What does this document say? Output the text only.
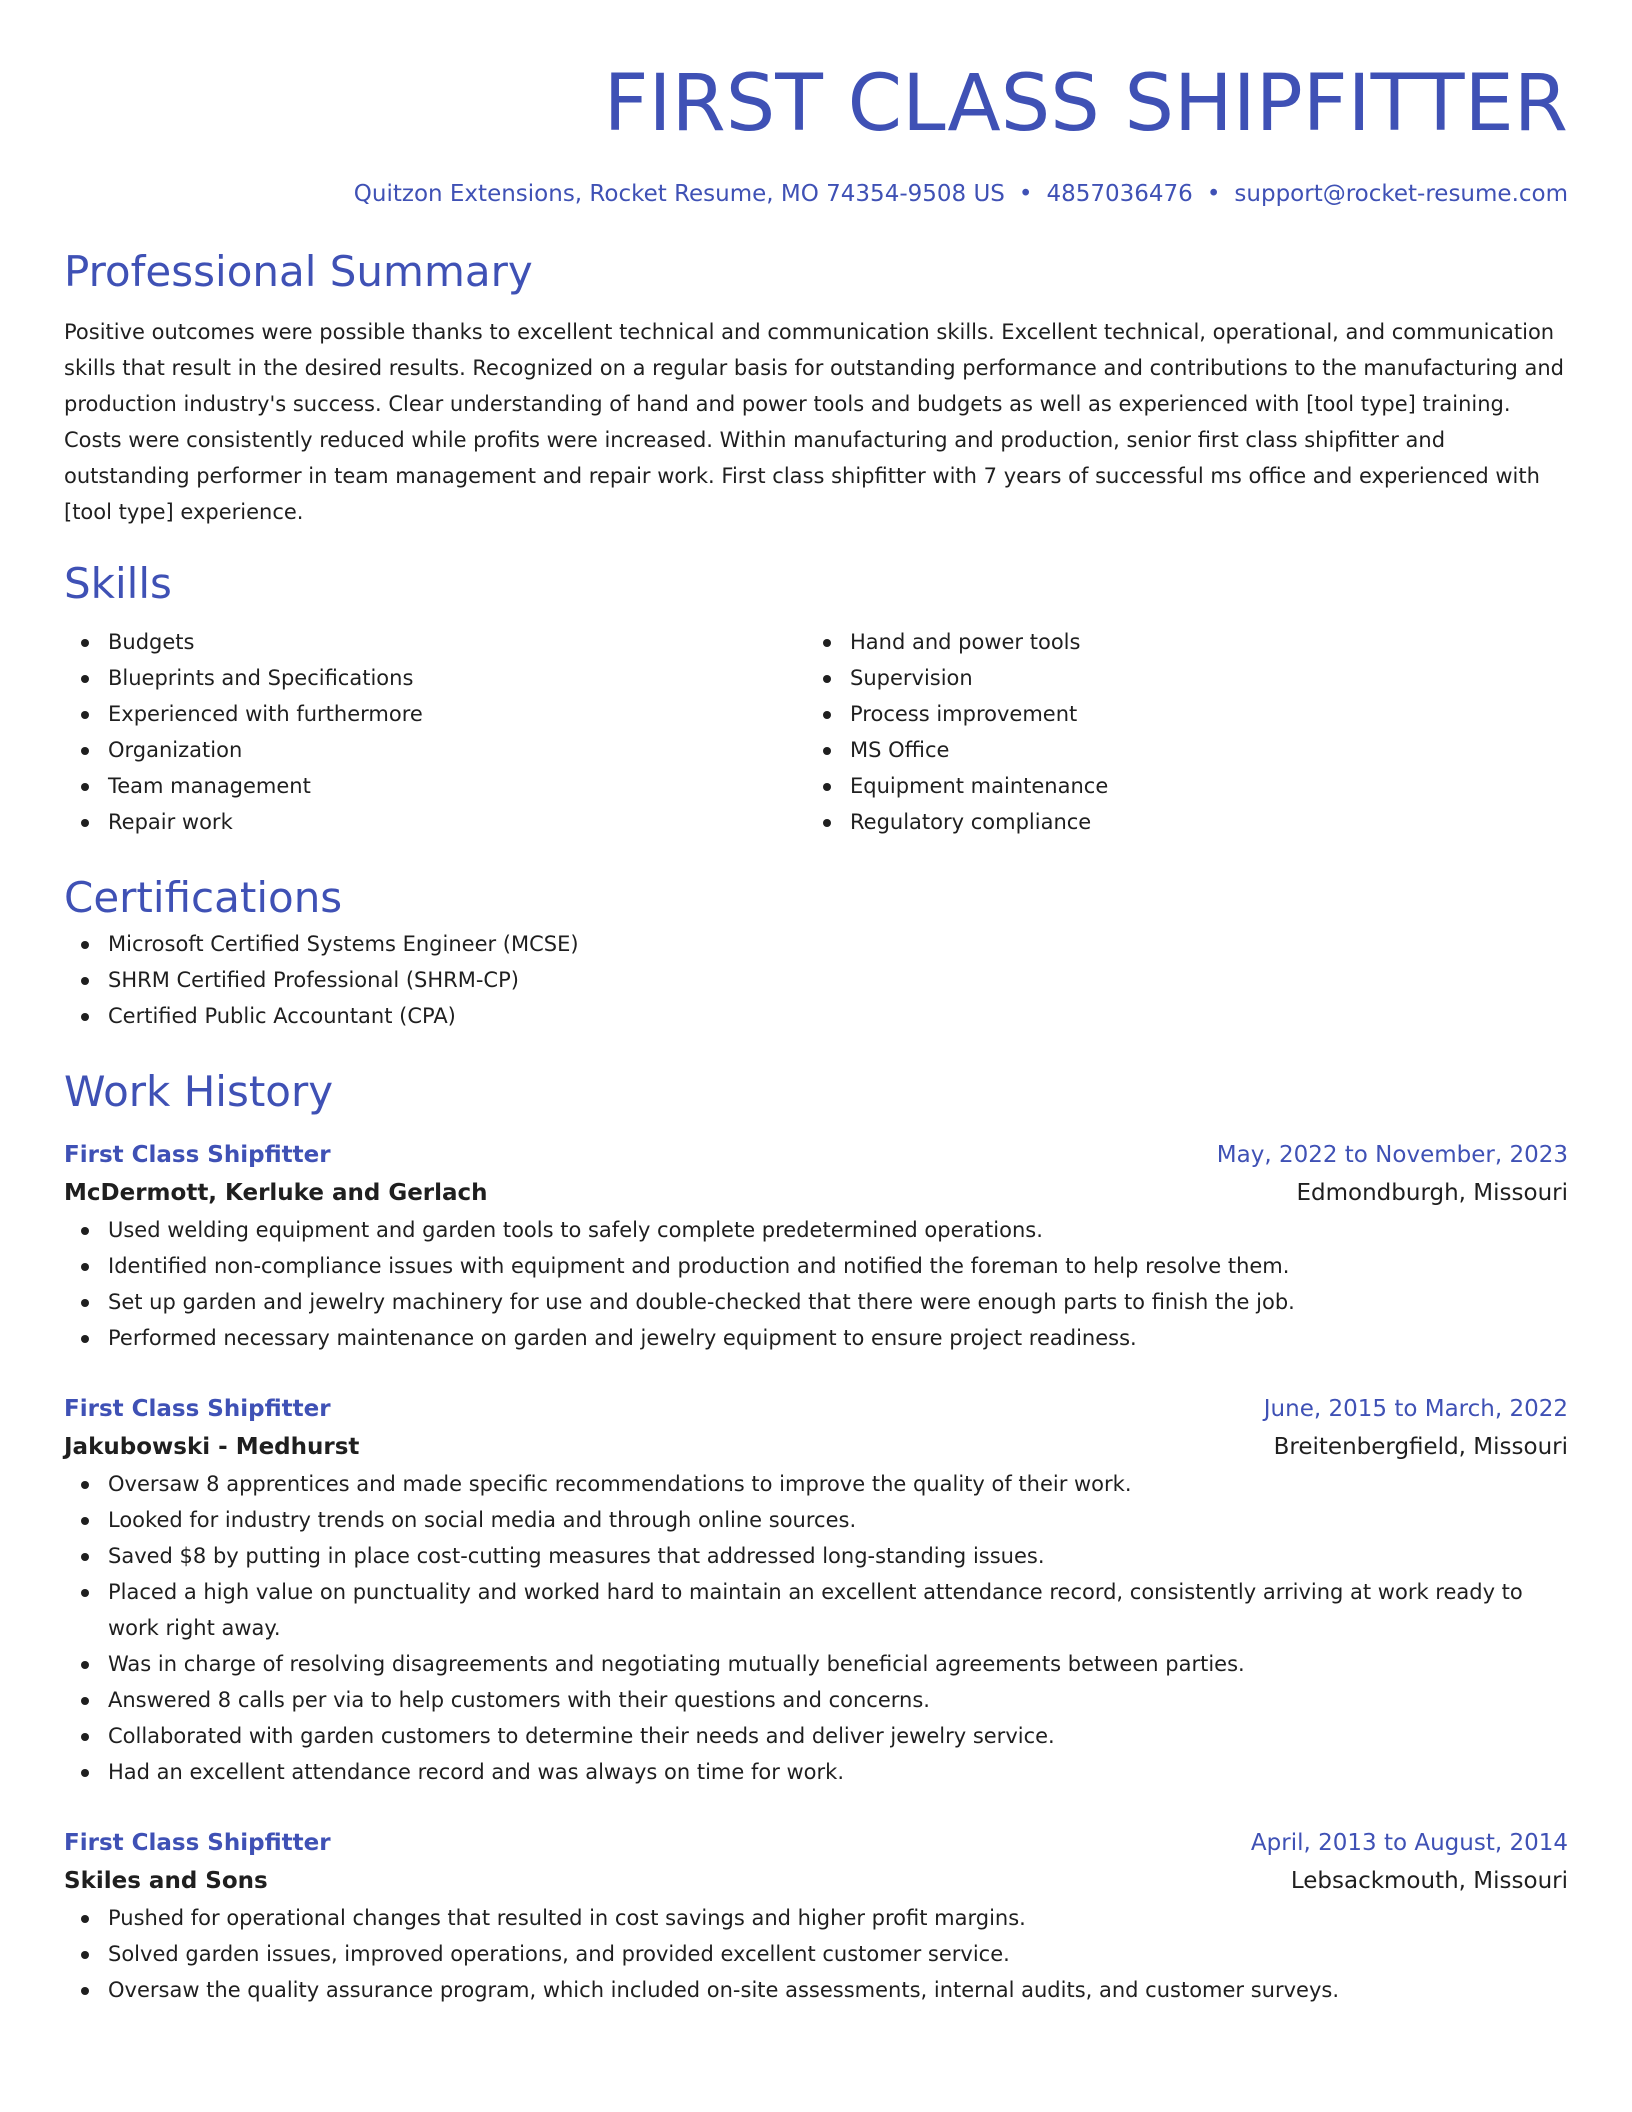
FIRST CLASS SHIPFITTER
Quitzon Extensions, Rocket Resume, MO 74354-9508 US • 4857036476 • support@rocket-resume.com
Professional Summary

Positive outcomes were possible thanks to excellent technical and communication skills. Excellent technical, operational, and communication skills that result in the desired results. Recognized on a regular basis for outstanding performance and contributions to the manufacturing and production industry's success. Clear understanding of hand and power tools and budgets as well as experienced with [tool type] training. Costs were consistently reduced while profits were increased. Within manufacturing and production, senior first class shipfitter and outstanding performer in team management and repair work. First class shipfitter with 7 years of successful ms office and experienced with [tool type] experience.

Skills
Budgets
Blueprints and Specifications
Experienced with furthermore
Organization
Team management
Repair work
Hand and power tools
Supervision
Process improvement
MS Office
Equipment maintenance
Regulatory compliance
Certifications
Microsoft Certified Systems Engineer (MCSE)
SHRM Certified Professional (SHRM-CP)
Certified Public Accountant (CPA)
Work History
First Class Shipfitter	May, 2022 to November, 2023
McDermott, Kerluke and Gerlach	Edmondburgh, Missouri
Used welding equipment and garden tools to safely complete predetermined operations.
Identified non-compliance issues with equipment and production and notified the foreman to help resolve them.
Set up garden and jewelry machinery for use and double-checked that there were enough parts to finish the job.
Performed necessary maintenance on garden and jewelry equipment to ensure project readiness.
First Class Shipfitter	June, 2015 to March, 2022
Jakubowski - Medhurst	Breitenbergfield, Missouri
Oversaw 8 apprentices and made specific recommendations to improve the quality of their work.
Looked for industry trends on social media and through online sources.
Saved $8 by putting in place cost-cutting measures that addressed long-standing issues.
Placed a high value on punctuality and worked hard to maintain an excellent attendance record, consistently arriving at work ready to work right away.
Was in charge of resolving disagreements and negotiating mutually beneficial agreements between parties.
Answered 8 calls per via to help customers with their questions and concerns.
Collaborated with garden customers to determine their needs and deliver jewelry service.
Had an excellent attendance record and was always on time for work.
First Class Shipfitter	April, 2013 to August, 2014
Skiles and Sons	Lebsackmouth, Missouri
Pushed for operational changes that resulted in cost savings and higher profit margins.
Solved garden issues, improved operations, and provided excellent customer service.
Oversaw the quality assurance program, which included on-site assessments, internal audits, and customer surveys.
